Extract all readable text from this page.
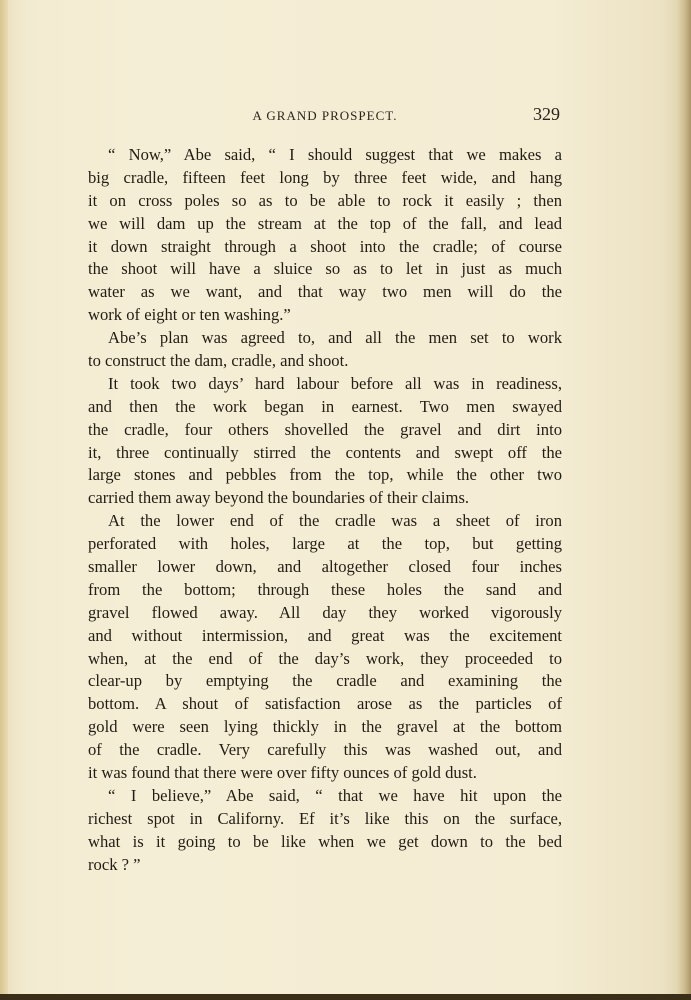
A GRAND PROSPECT.	329
“ Now,” Abe said, “ I should suggest that we makes a
big cradle, fifteen feet long by three feet wide, and hang
it on cross poles so as to be able to rock it easily ; then
we will dam up the stream at the top of the fall, and lead
it down straight through a shoot into the cradle; of course
the shoot will have a sluice so as to let in just as much
water as we want, and that way two men will do the
work of eight or ten washing.”
Abe’s plan was agreed to, and all the men set to work
to construct the dam, cradle, and shoot.
It took two days’ hard labour before all was in readiness,
and then the work began in earnest. Two men swayed
the cradle, four others shovelled the gravel and dirt into
it, three continually stirred the contents and swept off the
large stones and pebbles from the top, while the other two
carried them away beyond the boundaries of their claims.
At the lower end of the cradle was a sheet of iron
perforated with holes, large at the top, but getting
smaller lower down, and altogether closed four inches
from the bottom; through these holes the sand and
gravel flowed away. All day they worked vigorously
and without intermission, and great was the excitement
when, at the end of the day’s work, they proceeded to
clear-up by emptying the cradle and examining the
bottom. A shout of satisfaction arose as the particles of
gold were seen lying thickly in the gravel at the bottom
of the cradle. Very carefully this was washed out, and
it was found that there were over fifty ounces of gold dust.
“ I believe,” Abe said, “ that we have hit upon the
richest spot in Californy. Ef it’s like this on the surface,
what is it going to be like when we get down to the bed
rock ? ”
